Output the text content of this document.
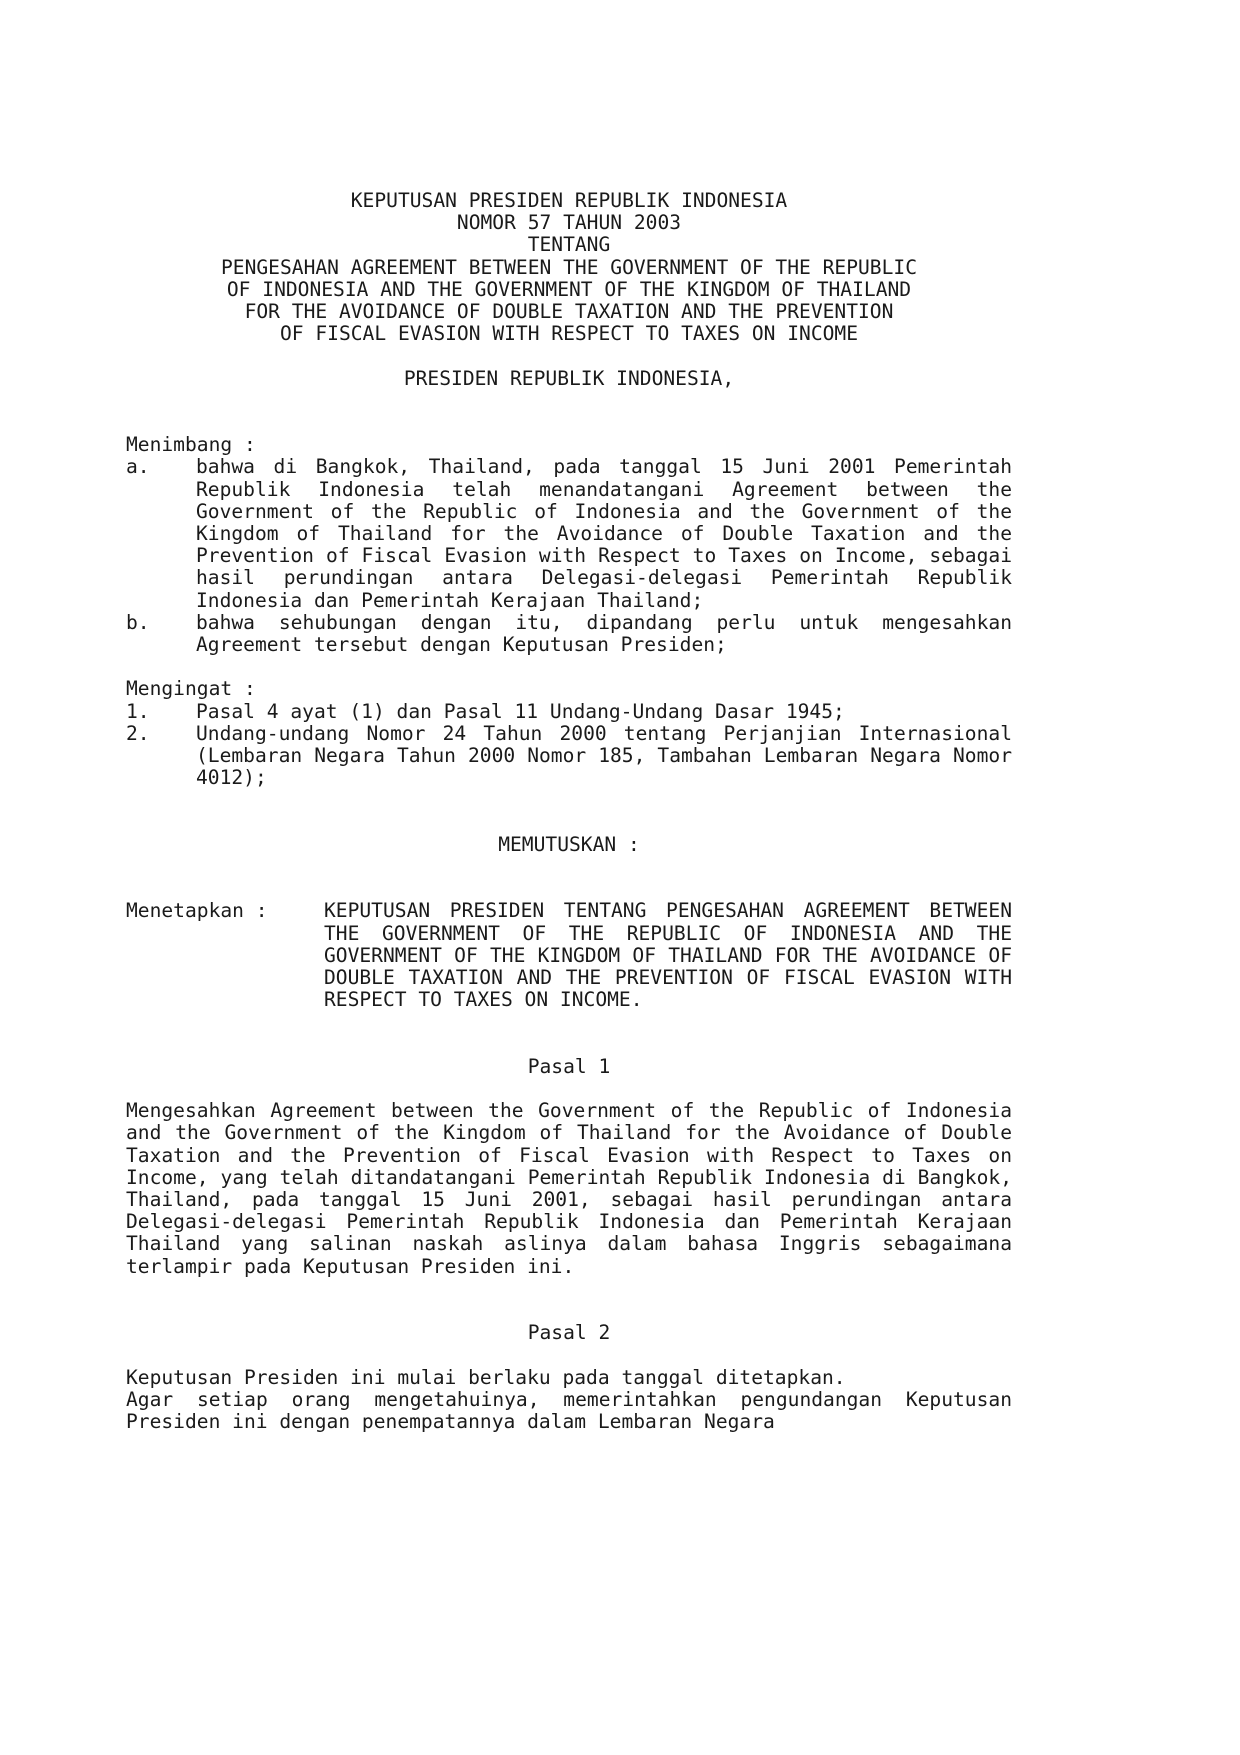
KEPUTUSAN PRESIDEN REPUBLIK INDONESIA
NOMOR 57 TAHUN 2003
TENTANG
PENGESAHAN AGREEMENT BETWEEN THE GOVERNMENT OF THE REPUBLIC
OF INDONESIA AND THE GOVERNMENT OF THE KINGDOM OF THAILAND
FOR THE AVOIDANCE OF DOUBLE TAXATION AND THE PREVENTION
OF FISCAL EVASION WITH RESPECT TO TAXES ON INCOME

PRESIDEN REPUBLIK INDONESIA,

Menimbang :
a.	bahwa di Bangkok, Thailand, pada tanggal 15 Juni 2001 Pemerintah Republik Indonesia telah menandatangani Agreement between the Government of the Republic of Indonesia and the Government of the Kingdom of Thailand for the Avoidance of Double Taxation and the Prevention of Fiscal Evasion with Respect to Taxes on Income, sebagai hasil perundingan antara Delegasi-delegasi Pemerintah Republik Indonesia dan Pemerintah Kerajaan Thailand;
b.	bahwa sehubungan dengan itu, dipandang perlu untuk mengesahkan Agreement tersebut dengan Keputusan Presiden;

Mengingat :
1.	Pasal 4 ayat (1) dan Pasal 11 Undang-Undang Dasar 1945;
2.	Undang-undang Nomor 24 Tahun 2000 tentang Perjanjian Internasional (Lembaran Negara Tahun 2000 Nomor 185, Tambahan Lembaran Negara Nomor 4012);

MEMUTUSKAN :

Menetapkan :	KEPUTUSAN PRESIDEN TENTANG PENGESAHAN AGREEMENT BETWEEN THE GOVERNMENT OF THE REPUBLIC OF INDONESIA AND THE GOVERNMENT OF THE KINGDOM OF THAILAND FOR THE AVOIDANCE OF DOUBLE TAXATION AND THE PREVENTION OF FISCAL EVASION WITH RESPECT TO TAXES ON INCOME.

Pasal 1

Mengesahkan Agreement between the Government of the Republic of Indonesia and the Government of the Kingdom of Thailand for the Avoidance of Double Taxation and the Prevention of Fiscal Evasion with Respect to Taxes on Income, yang telah ditandatangani Pemerintah Republik Indonesia di Bangkok, Thailand, pada tanggal 15 Juni 2001, sebagai hasil perundingan antara Delegasi-delegasi Pemerintah Republik Indonesia dan Pemerintah Kerajaan Thailand yang salinan naskah aslinya dalam bahasa Inggris sebagaimana terlampir pada Keputusan Presiden ini.

Pasal 2

Keputusan Presiden ini mulai berlaku pada tanggal ditetapkan.
Agar setiap orang mengetahuinya, memerintahkan pengundangan Keputusan Presiden ini dengan penempatannya dalam Lembaran Negara
